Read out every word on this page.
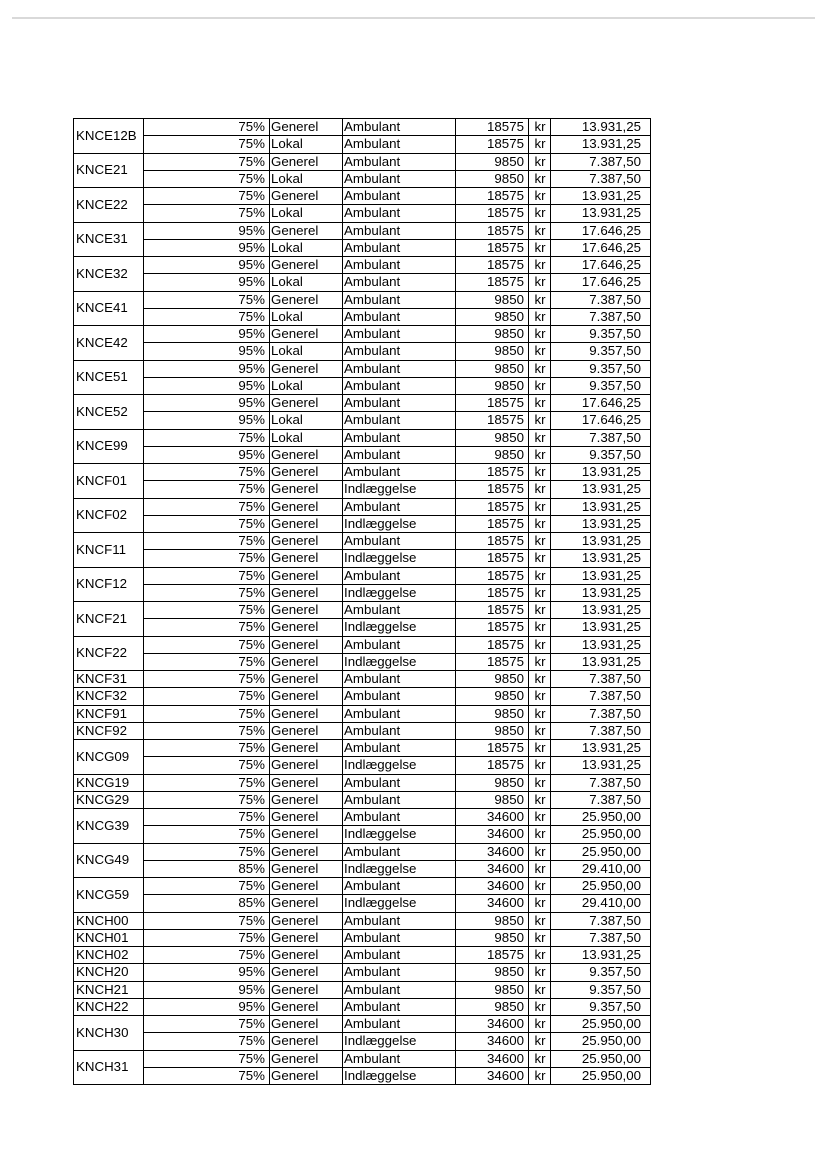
KNCE12B
75% Generel	Ambulant	18575 kr	13.931,25
75% Lokal	Ambulant	18575 kr	13.931,25
KNCE21
75% Generel	Ambulant	9850 kr	7.387,50
75% Lokal	Ambulant	9850 kr	7.387,50
KNCE22
75% Generel	Ambulant	18575 kr	13.931,25
75% Lokal	Ambulant	18575 kr	13.931,25
KNCE31
95% Generel	Ambulant	18575 kr	17.646,25
95% Lokal	Ambulant	18575 kr	17.646,25
KNCE32
95% Generel	Ambulant	18575 kr	17.646,25
95% Lokal	Ambulant	18575 kr	17.646,25
KNCE41
75% Generel	Ambulant	9850 kr	7.387,50
75% Lokal	Ambulant	9850 kr	7.387,50
KNCE42
95% Generel	Ambulant	9850 kr	9.357,50
95% Lokal	Ambulant	9850 kr	9.357,50
KNCE51
95% Generel	Ambulant	9850 kr	9.357,50
95% Lokal	Ambulant	9850 kr	9.357,50
KNCE52
95% Generel	Ambulant	18575 kr	17.646,25
95% Lokal	Ambulant	18575 kr	17.646,25
KNCE99
75% Lokal	Ambulant	9850 kr	7.387,50
95% Generel	Ambulant	9850 kr	9.357,50
KNCF01
75% Generel	Ambulant	18575 kr	13.931,25
75% Generel	Indlæggelse	18575 kr	13.931,25
KNCF02
75% Generel	Ambulant	18575 kr	13.931,25
75% Generel	Indlæggelse	18575 kr	13.931,25
KNCF11
75% Generel	Ambulant	18575 kr	13.931,25
75% Generel	Indlæggelse	18575 kr	13.931,25
KNCF12
75% Generel	Ambulant	18575 kr	13.931,25
75% Generel	Indlæggelse	18575 kr	13.931,25
KNCF21
75% Generel	Ambulant	18575 kr	13.931,25
75% Generel	Indlæggelse	18575 kr	13.931,25
KNCF22
75% Generel	Ambulant	18575 kr	13.931,25
75% Generel	Indlæggelse	18575 kr	13.931,25
KNCF31	75% Generel	Ambulant	9850 kr	7.387,50
KNCF32	75% Generel	Ambulant	9850 kr	7.387,50
KNCF91	75% Generel	Ambulant	9850 kr	7.387,50
KNCF92	75% Generel	Ambulant	9850 kr	7.387,50
KNCG09
75% Generel	Ambulant	18575 kr	13.931,25
75% Generel	Indlæggelse	18575 kr	13.931,25
KNCG19	75% Generel	Ambulant	9850 kr	7.387,50
KNCG29	75% Generel	Ambulant	9850 kr	7.387,50
KNCG39
75% Generel	Ambulant	34600 kr	25.950,00
75% Generel	Indlæggelse	34600 kr	25.950,00
KNCG49
75% Generel	Ambulant	34600 kr	25.950,00
85% Generel	Indlæggelse	34600 kr	29.410,00
KNCG59
75% Generel	Ambulant	34600 kr	25.950,00
85% Generel	Indlæggelse	34600 kr	29.410,00
KNCH00	75% Generel	Ambulant	9850 kr	7.387,50
KNCH01	75% Generel	Ambulant	9850 kr	7.387,50
KNCH02	75% Generel	Ambulant	18575 kr	13.931,25
KNCH20	95% Generel	Ambulant	9850 kr	9.357,50
KNCH21	95% Generel	Ambulant	9850 kr	9.357,50
KNCH22	95% Generel	Ambulant	9850 kr	9.357,50
KNCH30
75% Generel	Ambulant	34600 kr	25.950,00
75% Generel	Indlæggelse	34600 kr	25.950,00
KNCH31
75% Generel	Ambulant	34600 kr	25.950,00
75% Generel	Indlæggelse	34600 kr	25.950,00
